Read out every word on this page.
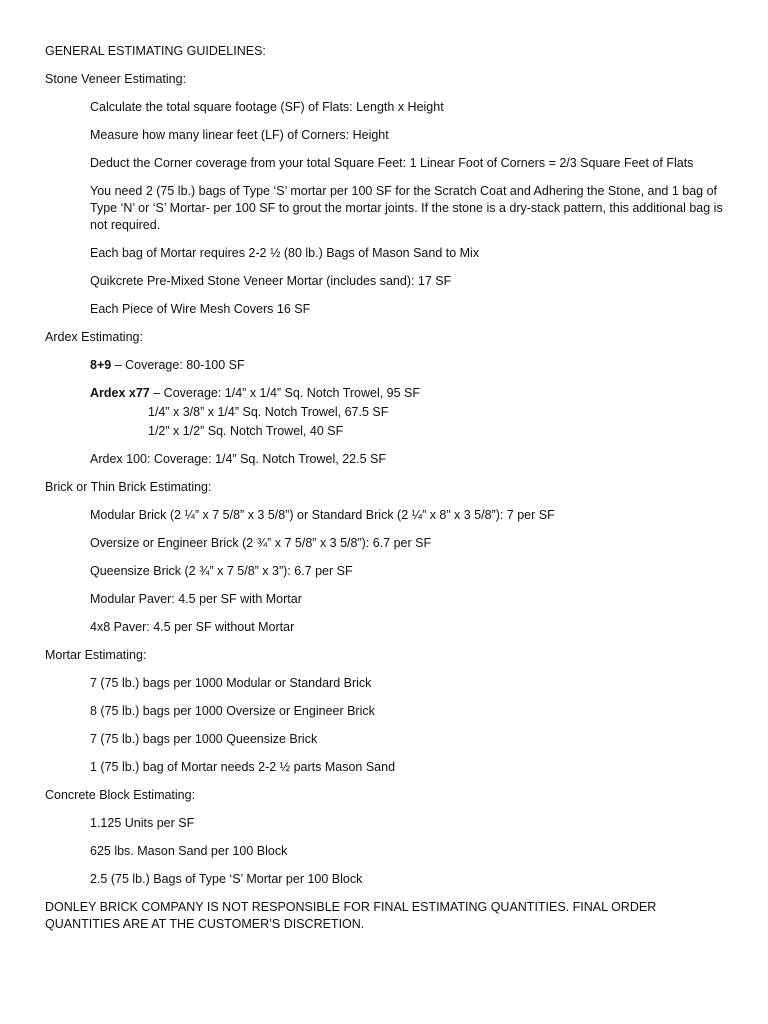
GENERAL ESTIMATING GUIDELINES:
Stone Veneer Estimating:
Calculate the total square footage (SF) of Flats: Length x Height
Measure how many linear feet (LF) of Corners: Height
Deduct the Corner coverage from your total Square Feet: 1 Linear Foot of Corners = 2/3 Square Feet of Flats
You need 2 (75 lb.) bags of Type ‘S’ mortar per 100 SF for the Scratch Coat and Adhering the Stone, and 1 bag of Type ‘N’ or ‘S’ Mortar- per 100 SF to grout the mortar joints. If the stone is a dry-stack pattern, this additional bag is not required.
Each bag of Mortar requires 2-2 ½ (80 lb.) Bags of Mason Sand to Mix
Quikcrete Pre-Mixed Stone Veneer Mortar (includes sand): 17 SF
Each Piece of Wire Mesh Covers 16 SF
Ardex Estimating:
8+9 – Coverage: 80-100 SF
Ardex x77 – Coverage: 1/4” x 1/4” Sq. Notch Trowel, 95 SF
1/4” x 3/8” x 1/4” Sq. Notch Trowel, 67.5 SF
1/2” x 1/2” Sq. Notch Trowel, 40 SF
Ardex 100: Coverage: 1/4” Sq. Notch Trowel, 22.5 SF
Brick or Thin Brick Estimating:
Modular Brick (2 ¼” x 7 5/8” x 3 5/8”) or Standard Brick (2 ¼” x 8” x 3 5/8”): 7 per SF
Oversize or Engineer Brick (2 ¾” x 7 5/8” x 3 5/8”): 6.7 per SF
Queensize Brick (2 ¾” x 7 5/8” x 3”): 6.7 per SF
Modular Paver: 4.5 per SF with Mortar
4x8 Paver: 4.5 per SF without Mortar
Mortar Estimating:
7 (75 lb.) bags per 1000 Modular or Standard Brick
8 (75 lb.) bags per 1000 Oversize or Engineer Brick
7 (75 lb.) bags per 1000 Queensize Brick
1 (75 lb.) bag of Mortar needs 2-2 ½ parts Mason Sand
Concrete Block Estimating:
1.125 Units per SF
625 lbs. Mason Sand per 100 Block
2.5 (75 lb.) Bags of Type ‘S’ Mortar per 100 Block
DONLEY BRICK COMPANY IS NOT RESPONSIBLE FOR FINAL ESTIMATING QUANTITIES. FINAL ORDER QUANTITIES ARE AT THE CUSTOMER’S DISCRETION.
